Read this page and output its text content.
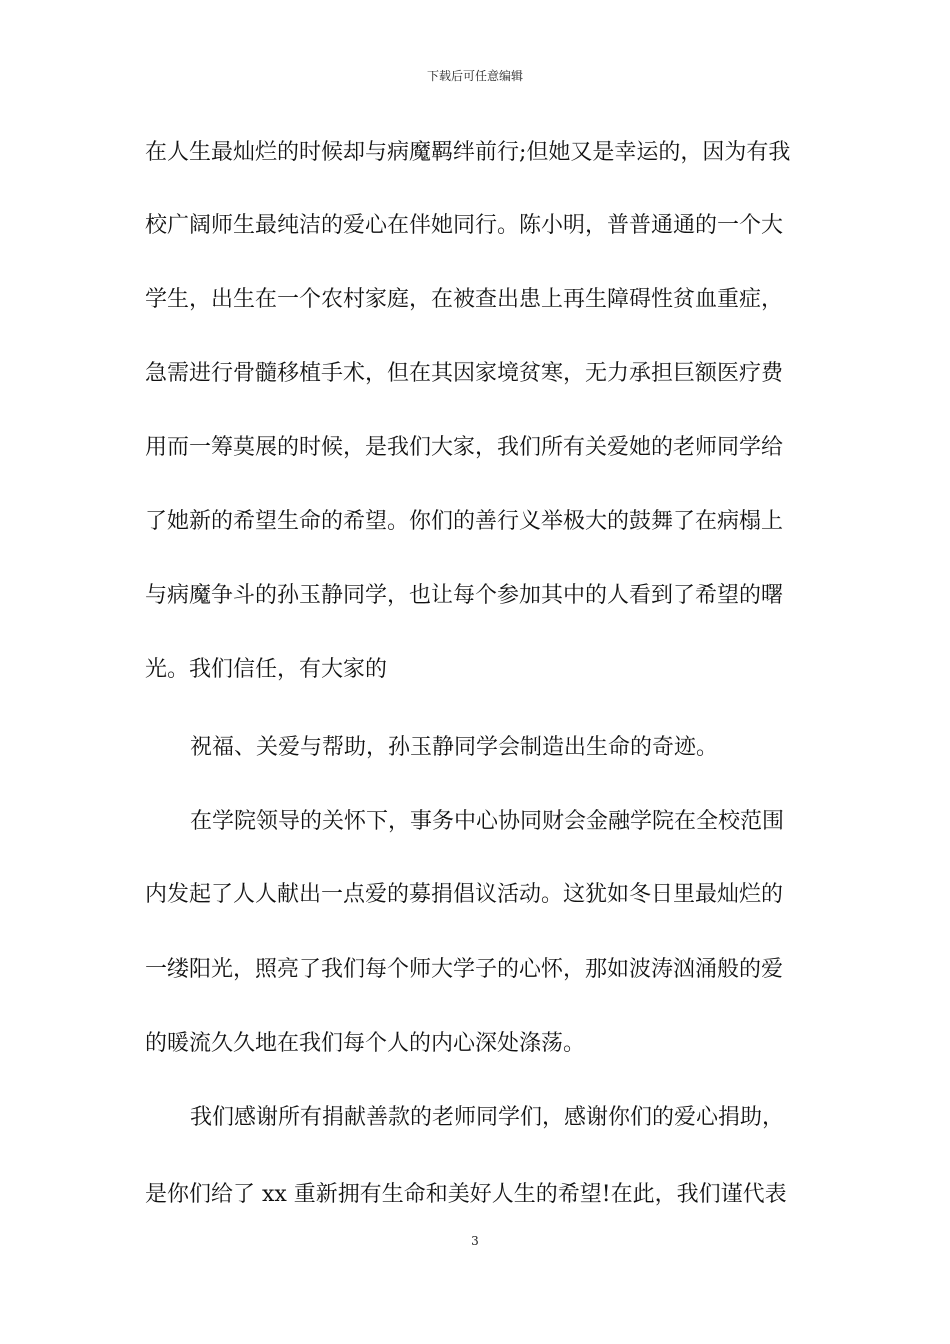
下载后可任意编辑
在人生最灿烂的时候却与病魔羁绊前行;但她又是幸运的，因为有我
校广阔师生最纯洁的爱心在伴她同行。陈小明，普普通通的一个大
学生，出生在一个农村家庭，在被查出患上再生障碍性贫血重症，
急需进行骨髓移植手术，但在其因家境贫寒，无力承担巨额医疗费
用而一筹莫展的时候，是我们大家，我们所有关爱她的老师同学给
了她新的希望生命的希望。你们的善行义举极大的鼓舞了在病榻上
与病魔争斗的孙玉静同学，也让每个参加其中的人看到了希望的曙
光。我们信任，有大家的
祝福、关爱与帮助，孙玉静同学会制造出生命的奇迹。
在学院领导的关怀下，事务中心协同财会金融学院在全校范围
内发起了人人献出一点爱的募捐倡议活动。这犹如冬日里最灿烂的
一缕阳光，照亮了我们每个师大学子的心怀，那如波涛汹涌般的爱
的暖流久久地在我们每个人的内心深处涤荡。
我们感谢所有捐献善款的老师同学们，感谢你们的爱心捐助，
是你们给了 xx 重新拥有生命和美好人生的希望!在此，我们谨代表
3
